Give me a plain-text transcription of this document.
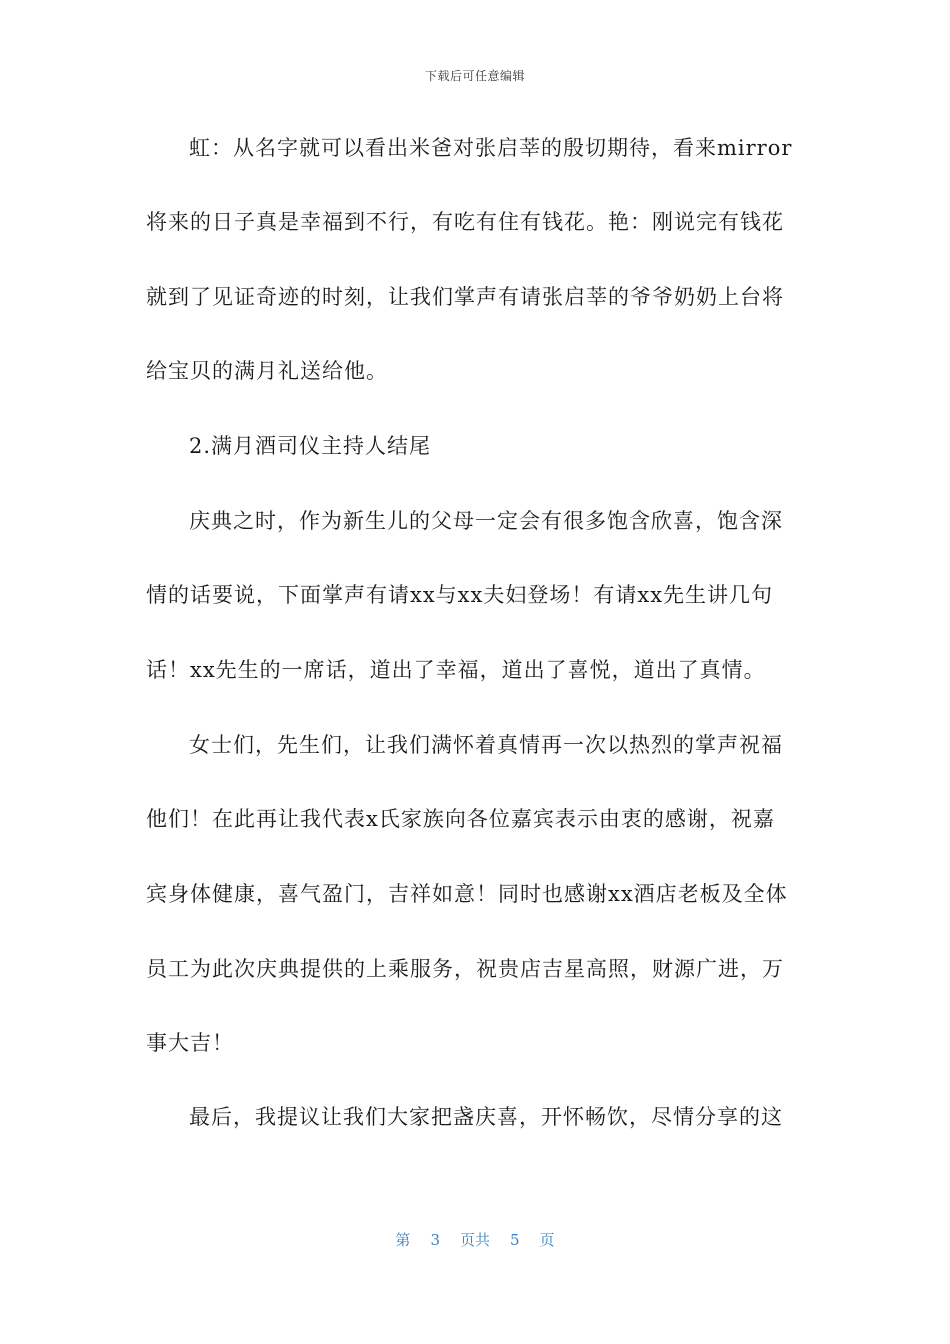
下载后可任意编辑
虹：从名字就可以看出米爸对张启莘的殷切期待，看来mirror
将来的日子真是幸福到不行，有吃有住有钱花。艳：刚说完有钱花
就到了见证奇迹的时刻，让我们掌声有请张启莘的爷爷奶奶上台将
给宝贝的满月礼送给他。
2.满月酒司仪主持人结尾
庆典之时，作为新生儿的父母一定会有很多饱含欣喜，饱含深
情的话要说，下面掌声有请xx与xx夫妇登场！有请xx先生讲几句
话！xx先生的一席话，道出了幸福，道出了喜悦，道出了真情。
女士们，先生们，让我们满怀着真情再一次以热烈的掌声祝福
他们！在此再让我代表x氏家族向各位嘉宾表示由衷的感谢，祝嘉
宾身体健康，喜气盈门，吉祥如意！同时也感谢xx酒店老板及全体
员工为此次庆典提供的上乘服务，祝贵店吉星高照，财源广进，万
事大吉！
最后，我提议让我们大家把盏庆喜，开怀畅饮，尽情分享的这
第 3 页共 5 页
